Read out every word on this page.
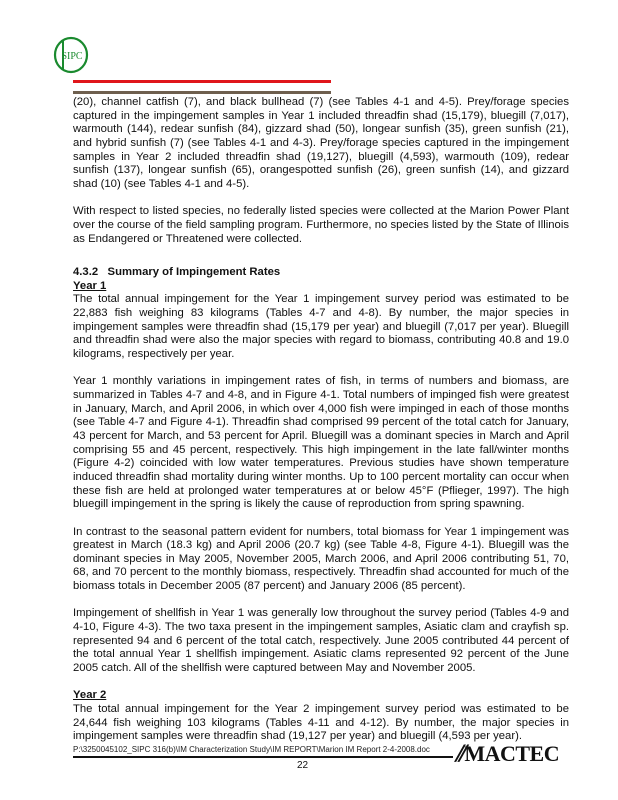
SIPC

(20), channel catfish (7), and black bullhead (7) (see Tables 4-1 and 4-5). Prey/forage species captured in the impingement samples in Year 1 included threadfin shad (15,179), bluegill (7,017), warmouth (144), redear sunfish (84), gizzard shad (50), longear sunfish (35), green sunfish (21), and hybrid sunfish (7) (see Tables 4-1 and 4-3). Prey/forage species captured in the impingement samples in Year 2 included threadfin shad (19,127), bluegill (4,593), warmouth (109), redear sunfish (137), longear sunfish (65), orangespotted sunfish (26), green sunfish (14), and gizzard shad (10) (see Tables 4-1 and 4-5).

With respect to listed species, no federally listed species were collected at the Marion Power Plant over the course of the field sampling program. Furthermore, no species listed by the State of Illinois as Endangered or Threatened were collected.

4.3.2   Summary of Impingement Rates
Year 1

The total annual impingement for the Year 1 impingement survey period was estimated to be 22,883 fish weighing 83 kilograms (Tables 4-7 and 4-8). By number, the major species in impingement samples were threadfin shad (15,179 per year) and bluegill (7,017 per year). Bluegill and threadfin shad were also the major species with regard to biomass, contributing 40.8 and 19.0 kilograms, respectively per year.

Year 1 monthly variations in impingement rates of fish, in terms of numbers and biomass, are summarized in Tables 4-7 and 4-8, and in Figure 4-1. Total numbers of impinged fish were greatest in January, March, and April 2006, in which over 4,000 fish were impinged in each of those months (see Table 4-7 and Figure 4-1). Threadfin shad comprised 99 percent of the total catch for January, 43 percent for March, and 53 percent for April. Bluegill was a dominant species in March and April comprising 55 and 45 percent, respectively. This high impingement in the late fall/winter months (Figure 4-2) coincided with low water temperatures. Previous studies have shown temperature induced threadfin shad mortality during winter months. Up to 100 percent mortality can occur when these fish are held at prolonged water temperatures at or below 45°F (Pflieger, 1997). The high bluegill impingement in the spring is likely the cause of reproduction from spring spawning.

In contrast to the seasonal pattern evident for numbers, total biomass for Year 1 impingement was greatest in March (18.3 kg) and April 2006 (20.7 kg) (see Table 4-8, Figure 4-1). Bluegill was the dominant species in May 2005, November 2005, March 2006, and April 2006 contributing 51, 70, 68, and 70 percent to the monthly biomass, respectively. Threadfin shad accounted for much of the biomass totals in December 2005 (87 percent) and January 2006 (85 percent).

Impingement of shellfish in Year 1 was generally low throughout the survey period (Tables 4-9 and 4-10, Figure 4-3). The two taxa present in the impingement samples, Asiatic clam and crayfish sp. represented 94 and 6 percent of the total catch, respectively. June 2005 contributed 44 percent of the total annual Year 1 shellfish impingement. Asiatic clams represented 92 percent of the June 2005 catch. All of the shellfish were captured between May and November 2005.

Year 2

The total annual impingement for the Year 2 impingement survey period was estimated to be 24,644 fish weighing 103 kilograms (Tables 4-11 and 4-12). By number, the major species in impingement samples were threadfin shad (19,127 per year) and bluegill (4,593 per year).

P:\3250045102_SIPC 316(b)\IM Characterization Study\IM REPORT\Marion IM Report 2-4-2008.doc
22	⫽MACTEC
